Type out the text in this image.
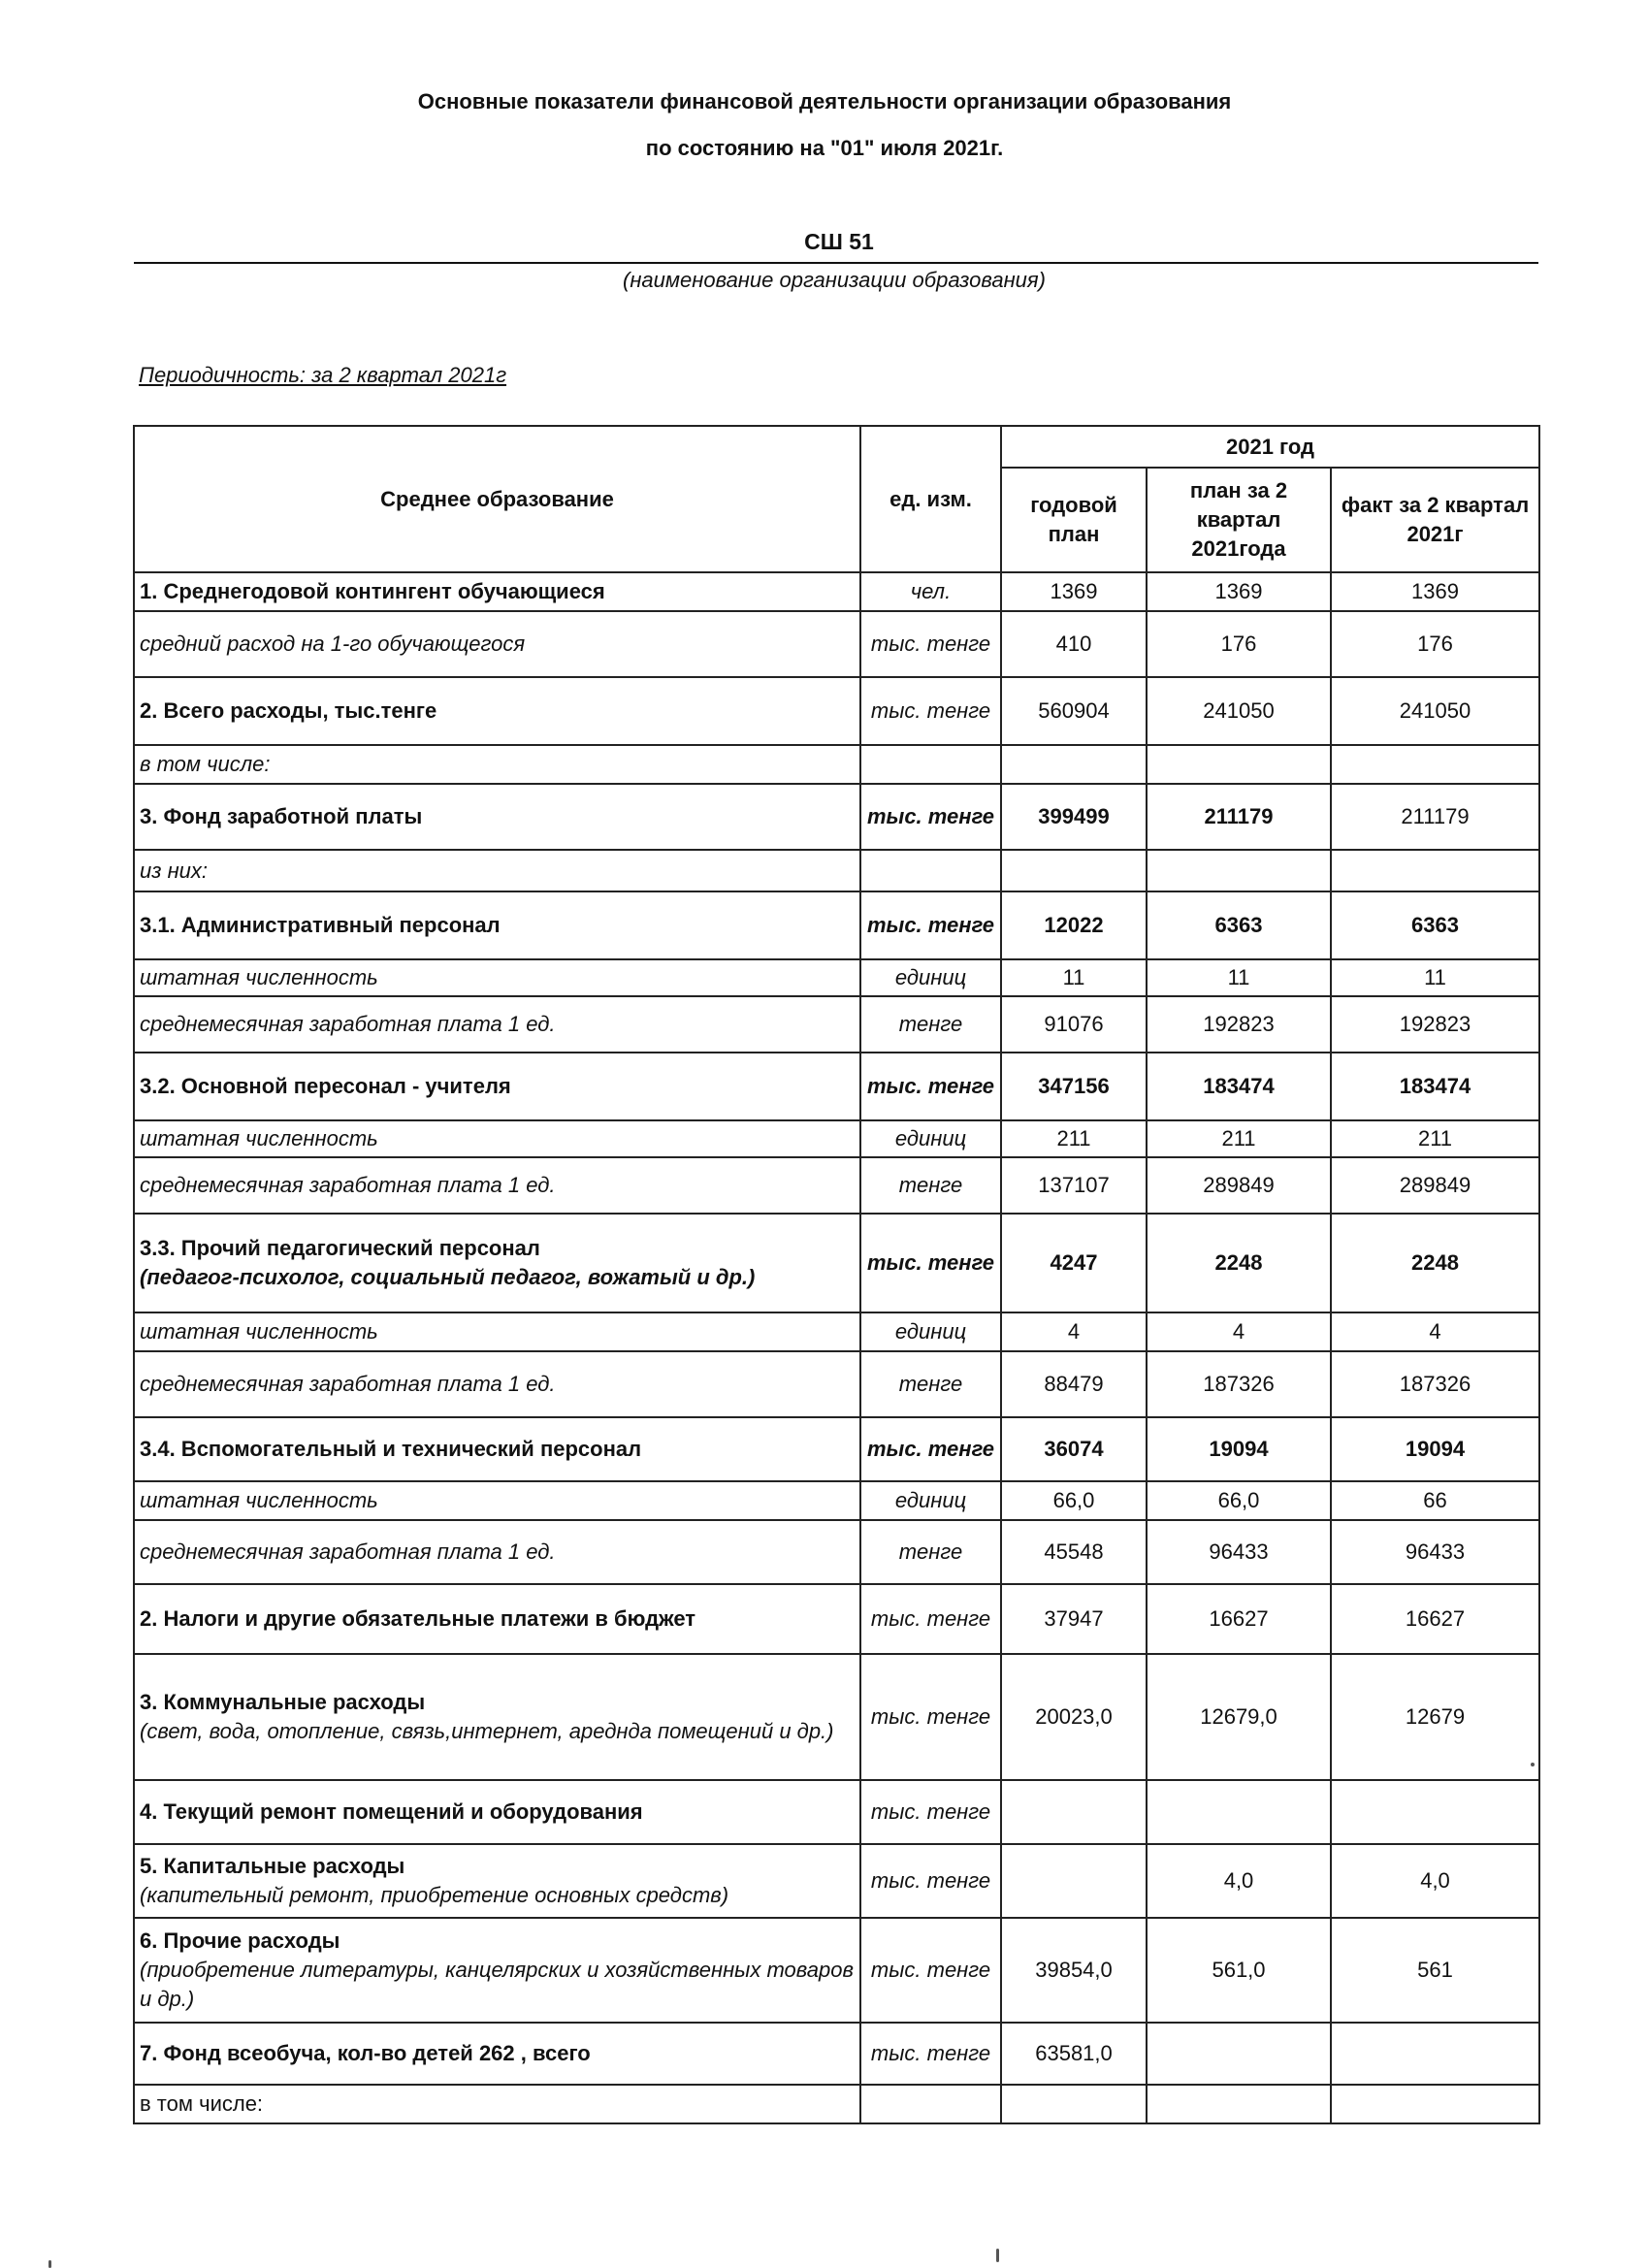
Основные показатели финансовой деятельности организации образования
по состоянию на "01" июля 2021г.
СШ 51
(наименование организации образования)
Периодичность: за 2 квартал 2021г
Среднее образование	ед. изм.	2021 год		
		годовой план	план за 2 квартал 2021года	факт за 2 квартал 2021г

1. Среднегодовой контингент обучающиеся	чел.	1369	1369	1369

средний расход на 1-го обучающегося	тыс. тенге	410	176	176

2. Всего расходы, тыс.тенге	тыс. тенге	560904	241050	241050

в том числе:				

3. Фонд заработной платы	тыс. тенге	399499	211179	211179

из них:				

3.1. Административный персонал	тыс. тенге	12022	6363	6363

штатная численность	единиц	11	11	11

среднемесячная заработная плата 1 ед.	тенге	91076	192823	192823

3.2. Основной пересонал - учителя	тыс. тенге	347156	183474	183474

штатная численность	единиц	211	211	211

среднемесячная заработная плата 1 ед.	тенге	137107	289849	289849

3.3. Прочий педагогический персонал
(педагог-психолог, социальный педагог, вожатый и др.)	тыс. тенге	4247	2248	2248

штатная численность	единиц	4	4	4

среднемесячная заработная плата 1 ед.	тенге	88479	187326	187326

3.4. Вспомогательный и технический персонал	тыс. тенге	36074	19094	19094

штатная численность	единиц	66,0	66,0	66

среднемесячная заработная плата 1 ед.	тенге	45548	96433	96433

2. Налоги и другие обязательные платежи в бюджет	тыс. тенге	37947	16627	16627

3. Коммунальные расходы
(свет, вода, отопление, связь,интернет, ареднда помещений и др.)	тыс. тенге	20023,0	12679,0	12679

4. Текущий ремонт помещений и оборудования	тыс. тенге			

5. Капитальные расходы
(капительный ремонт, приобретение основных средств)	тыс. тенге		4,0	4,0

6. Прочие расходы
(приобретение литературы, канцелярских и хозяйственных товаров и др.)	тыс. тенге	39854,0	561,0	561

7. Фонд всеобуча, кол-во детей 262 , всего	тыс. тенге	63581,0		

в том числе:				
